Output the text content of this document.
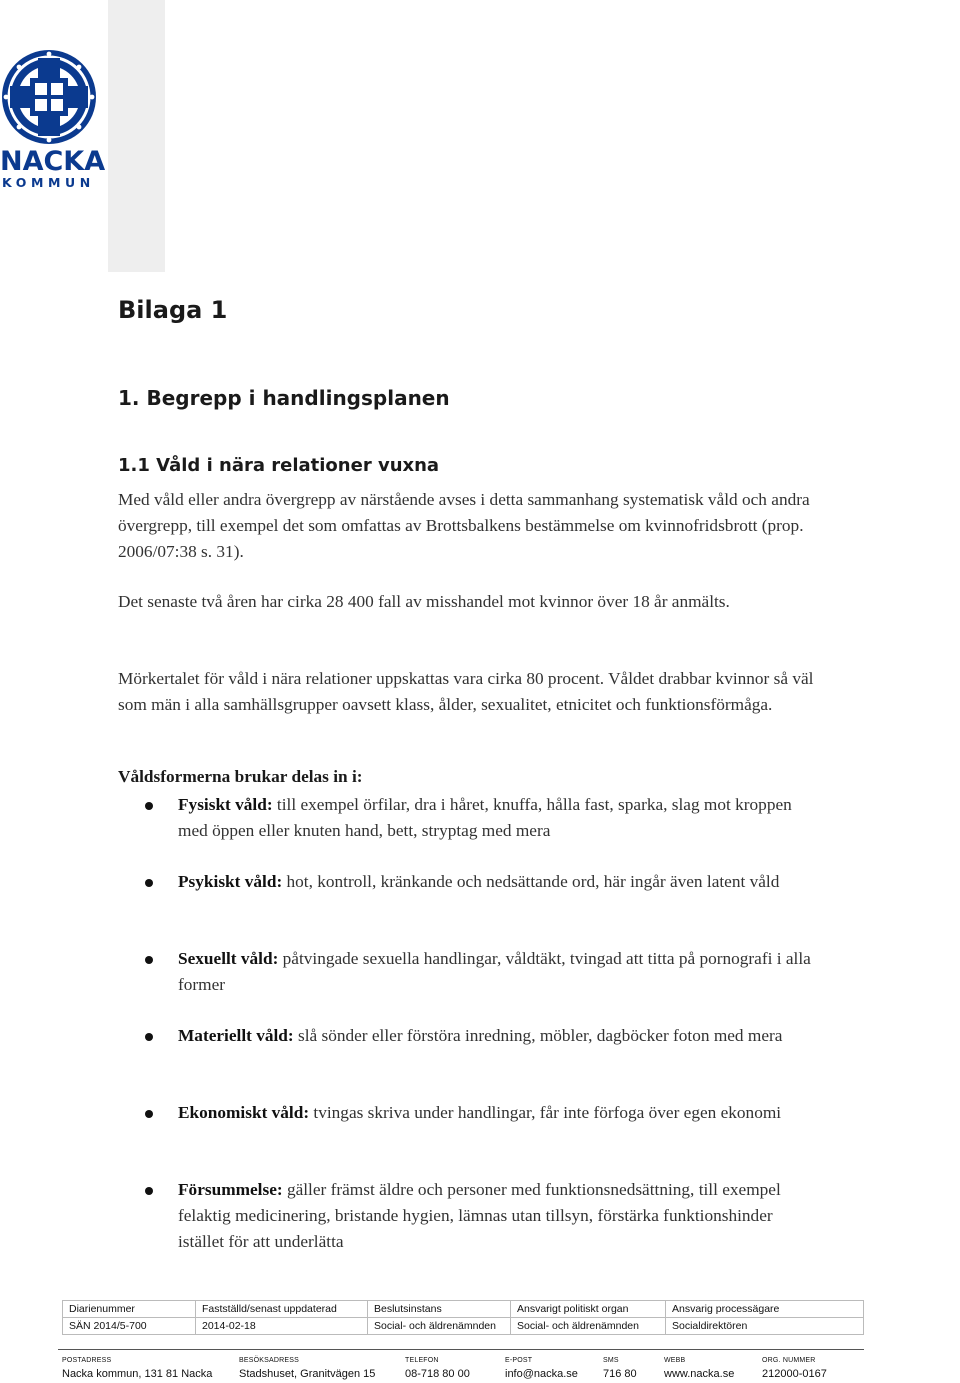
NACKA
KOMMUN
Bilaga 1
1. Begrepp i handlingsplanen
1.1 Våld i nära relationer vuxna
Med våld eller andra övergrepp av närstående avses i detta sammanhang systematisk våld och andra övergrepp, till exempel det som omfattas av Brottsbalkens bestämmelse om kvinnofridsbrott (prop. 2006/07:38 s. 31).
Det senaste två åren har cirka 28 400 fall av misshandel mot kvinnor över 18 år anmälts.
Mörkertalet för våld i nära relationer uppskattas vara cirka 80 procent. Våldet drabbar kvinnor så väl som män i alla samhällsgrupper oavsett klass, ålder, sexualitet, etnicitet och funktionsförmåga.
Våldsformerna brukar delas in i:
Fysiskt våld: till exempel örfilar, dra i håret, knuffa, hålla fast, sparka, slag mot kroppen med öppen eller knuten hand, bett, stryptag med mera
Psykiskt våld: hot, kontroll, kränkande och nedsättande ord, här ingår även latent våld
Sexuellt våld: påtvingade sexuella handlingar, våldtäkt, tvingad att titta på pornografi i alla former
Materiellt våld: slå sönder eller förstöra inredning, möbler, dagböcker foton med mera
Ekonomiskt våld: tvingas skriva under handlingar, får inte förfoga över egen ekonomi
Försummelse: gäller främst äldre och personer med funktionsnedsättning, till exempel felaktig medicinering, bristande hygien, lämnas utan tillsyn, förstärka funktionshinder istället för att underlätta
Diarienummer	Fastställd/senast uppdaterad	Beslutsinstans	Ansvarigt politiskt organ	Ansvarig processägare
SÄN 2014/5-700	2014-02-18	Social- och äldrenämnden	Social- och äldrenämnden	Socialdirektören
POSTADRESS
Nacka kommun, 131 81 Nacka
BESÖKSADRESS
Stadshuset, Granitvägen 15
TELEFON
08-718 80 00
E-POST
info@nacka.se
SMS
716 80
WEBB
www.nacka.se
ORG. NUMMER
212000-0167
